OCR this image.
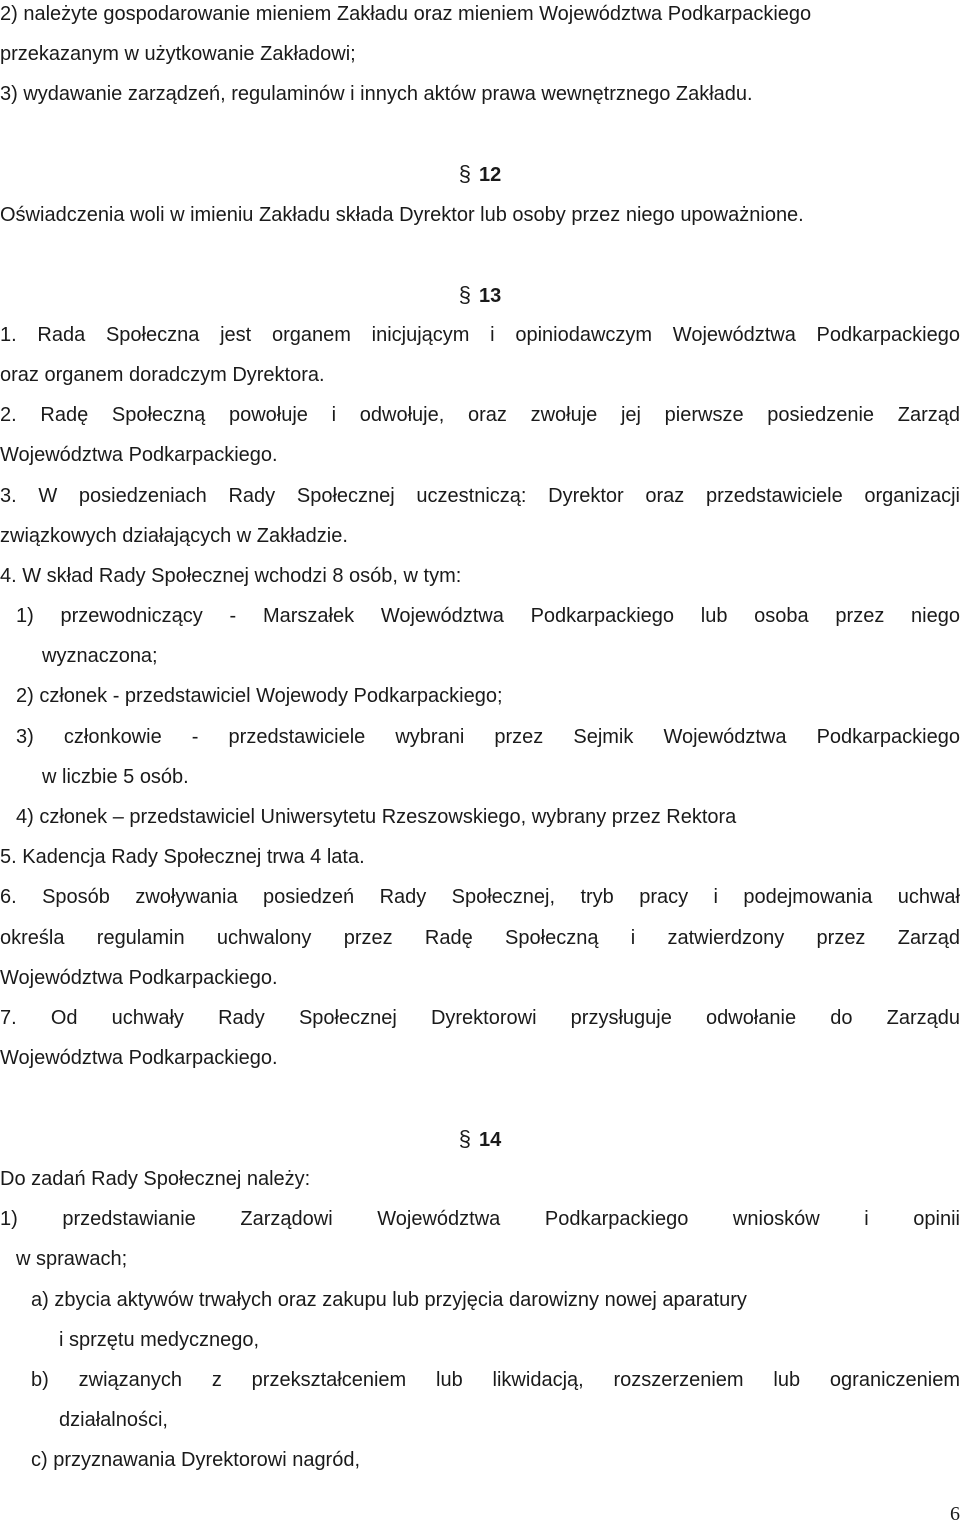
2) należyte gospodarowanie mieniem Zakładu oraz mieniem Województwa Podkarpackiego
przekazanym w użytkowanie Zakładowi;
3) wydawanie zarządzeń, regulaminów i innych aktów prawa wewnętrznego Zakładu.
§ 12
Oświadczenia woli w imieniu Zakładu składa Dyrektor lub osoby przez niego upoważnione.
§ 13
1. Rada Społeczna jest organem inicjującym i opiniodawczym Województwa Podkarpackiego
oraz organem doradczym Dyrektora.
2. Radę Społeczną powołuje i odwołuje, oraz zwołuje jej pierwsze posiedzenie Zarząd
Województwa Podkarpackiego.
3. W posiedzeniach Rady Społecznej uczestniczą: Dyrektor oraz przedstawiciele organizacji
związkowych działających w Zakładzie.
4. W skład Rady Społecznej wchodzi 8 osób, w tym:
1) przewodniczący - Marszałek Województwa Podkarpackiego lub osoba przez niego
wyznaczona;
2) członek - przedstawiciel Wojewody Podkarpackiego;
3) członkowie - przedstawiciele wybrani przez Sejmik Województwa Podkarpackiego
w liczbie 5 osób.
4) członek – przedstawiciel Uniwersytetu Rzeszowskiego, wybrany przez Rektora
5. Kadencja Rady Społecznej trwa 4 lata.
6. Sposób zwoływania posiedzeń Rady Społecznej, tryb pracy i podejmowania uchwał
określa regulamin uchwalony przez Radę Społeczną i zatwierdzony przez Zarząd
Województwa Podkarpackiego.
7. Od uchwały Rady Społecznej Dyrektorowi przysługuje odwołanie do Zarządu
Województwa Podkarpackiego.
§ 14
Do zadań Rady Społecznej należy:
1) przedstawianie Zarządowi Województwa Podkarpackiego wniosków i opinii
w sprawach;
a) zbycia aktywów trwałych oraz zakupu lub przyjęcia darowizny nowej aparatury
i sprzętu medycznego,
b) związanych z przekształceniem lub likwidacją, rozszerzeniem lub ograniczeniem
działalności,
c) przyznawania Dyrektorowi nagród,
6
